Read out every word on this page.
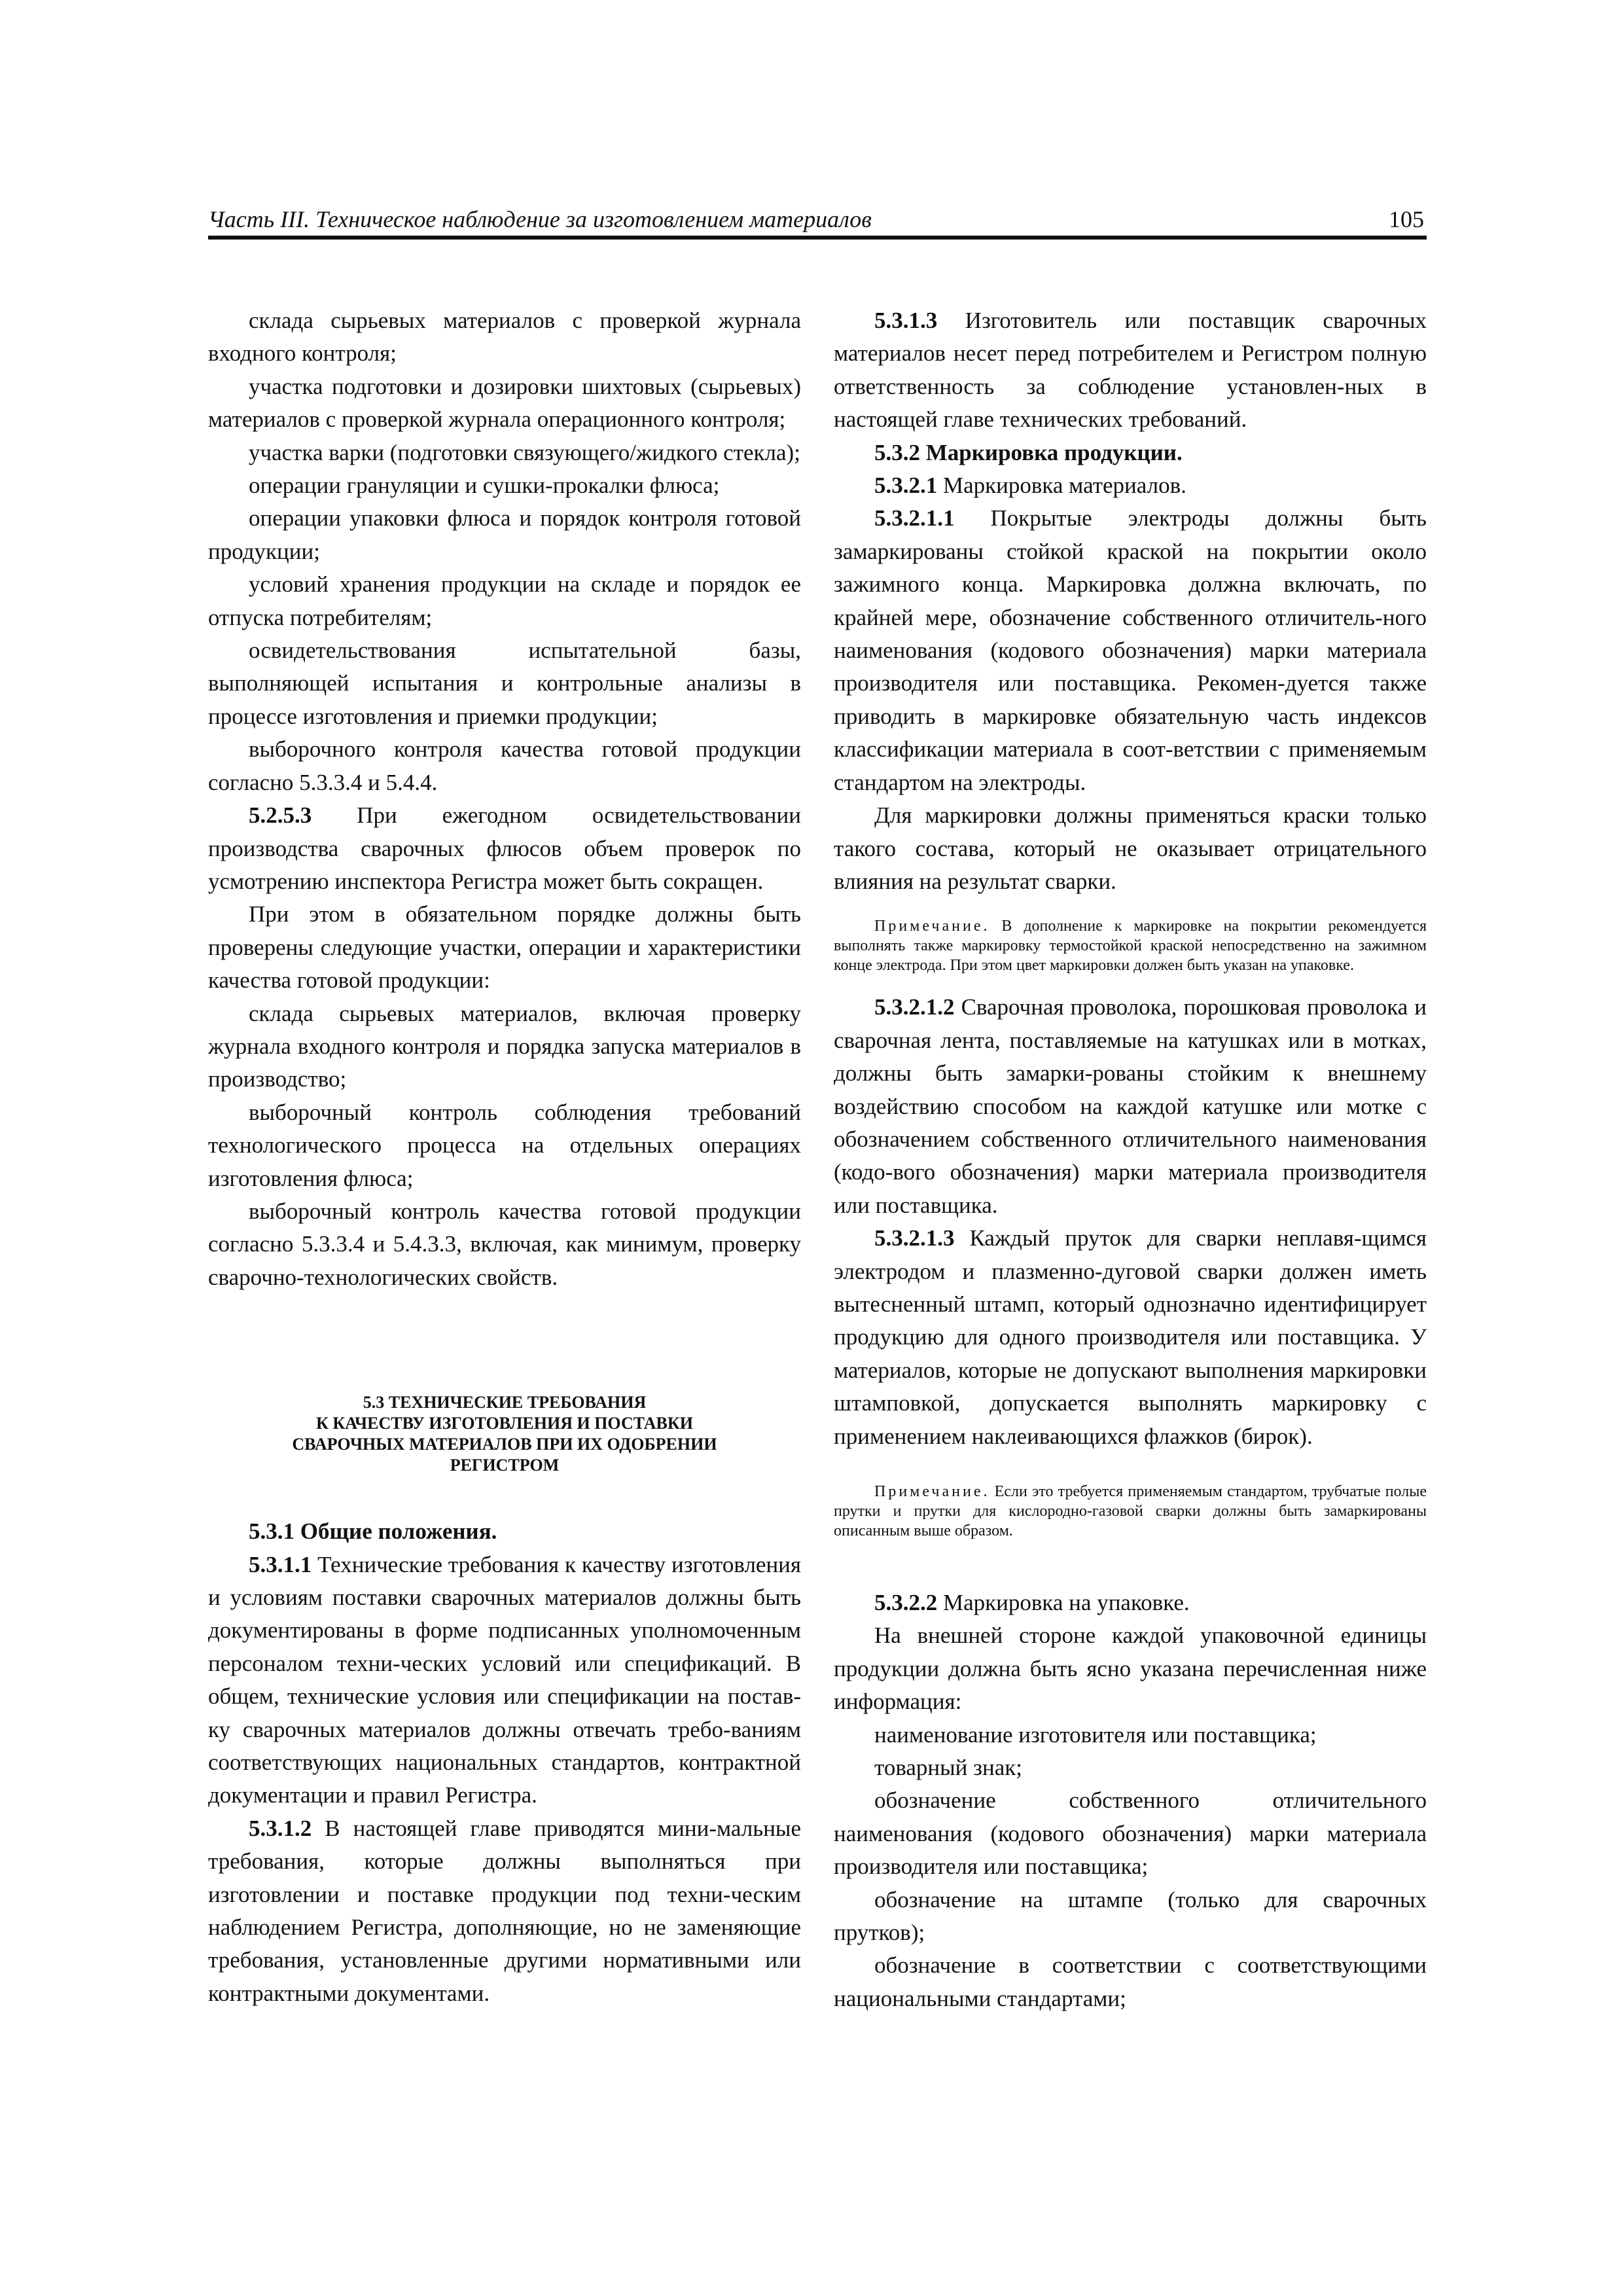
Часть III. Техническое наблюдение за изготовлением материалов	105

склада сырьевых материалов с проверкой журнала входного контроля;

участка подготовки и дозировки шихтовых (сырьевых) материалов с проверкой журнала операционного контроля;

участка варки (подготовки связующего/жидкого стекла);

операции грануляции и сушки-прокалки флюса;

операции упаковки флюса и порядок контроля готовой продукции;

условий хранения продукции на складе и порядок ее отпуска потребителям;

освидетельствования испытательной базы, выполняющей испытания и контрольные анализы в процессе изготовления и приемки продукции;

выборочного контроля качества готовой продукции согласно 5.3.3.4 и 5.4.4.

5.2.5.3 При ежегодном освидетельствовании производства сварочных флюсов объем проверок по усмотрению инспектора Регистра может быть сокращен.

При этом в обязательном порядке должны быть проверены следующие участки, операции и характеристики качества готовой продукции:

склада сырьевых материалов, включая проверку журнала входного контроля и порядка запуска материалов в производство;

выборочный контроль соблюдения требований технологического процесса на отдельных операциях изготовления флюса;

выборочный контроль качества готовой продукции согласно 5.3.3.4 и 5.4.3.3, включая, как минимум, проверку сварочно-технологических свойств.

5.3 ТЕХНИЧЕСКИЕ ТРЕБОВАНИЯ

К КАЧЕСТВУ ИЗГОТОВЛЕНИЯ И ПОСТАВКИ

СВАРОЧНЫХ МАТЕРИАЛОВ ПРИ ИХ ОДОБРЕНИИ

РЕГИСТРОМ

5.3.1 Общие положения.

5.3.1.1 Технические требования к качеству изготовления и условиям поставки сварочных материалов должны быть документированы в форме подписанных уполномоченным персоналом техни-ческих условий или спецификаций. В общем, технические условия или спецификации на постав-ку сварочных материалов должны отвечать требо-ваниям соответствующих национальных стандартов, контрактной документации и правил Регистра.

5.3.1.2 В настоящей главе приводятся мини-мальные требования, которые должны выполняться при изготовлении и поставке продукции под техни-ческим наблюдением Регистра, дополняющие, но не заменяющие требования, установленные другими нормативными или контрактными документами.

5.3.1.3 Изготовитель или поставщик сварочных материалов несет перед потребителем и Регистром полную ответственность за соблюдение установлен-ных в настоящей главе технических требований.

5.3.2 Маркировка продукции.

5.3.2.1 Маркировка материалов.

5.3.2.1.1 Покрытые электроды должны быть замаркированы стойкой краской на покрытии около зажимного конца. Маркировка должна включать, по крайней мере, обозначение собственного отличитель-ного наименования (кодового обозначения) марки материала производителя или поставщика. Рекомен-дуется также приводить в маркировке обязательную часть индексов классификации материала в соот-ветствии с применяемым стандартом на электроды.

Для маркировки должны применяться краски только такого состава, который не оказывает отрицательного влияния на результат сварки.

Примечание. В дополнение к маркировке на покрытии рекомендуется выполнять также маркировку термостойкой краской непосредственно на зажимном конце электрода. При этом цвет маркировки должен быть указан на упаковке.

5.3.2.1.2 Сварочная проволока, порошковая проволока и сварочная лента, поставляемые на катушках или в мотках, должны быть замарки-рованы стойким к внешнему воздействию способом на каждой катушке или мотке с обозначением собственного отличительного наименования (кодо-вого обозначения) марки материала производителя или поставщика.

5.3.2.1.3 Каждый пруток для сварки неплавя-щимся электродом и плазменно-дуговой сварки должен иметь вытесненный штамп, который однозначно идентифицирует продукцию для одного производителя или поставщика. У материалов, которые не допускают выполнения маркировки штамповкой, допускается выполнять маркировку с применением наклеивающихся флажков (бирок).

Примечание. Если это требуется применяемым стандартом, трубчатые полые прутки и прутки для кислородно-газовой сварки должны быть замаркированы описанным выше образом.

5.3.2.2 Маркировка на упаковке.

На внешней стороне каждой упаковочной единицы продукции должна быть ясно указана перечисленная ниже информация:

наименование изготовителя или поставщика;

товарный знак;

обозначение собственного отличительного наименования (кодового обозначения) марки материала производителя или поставщика;

обозначение на штампе (только для сварочных прутков);

обозначение в соответствии с соответствующими национальными стандартами;
